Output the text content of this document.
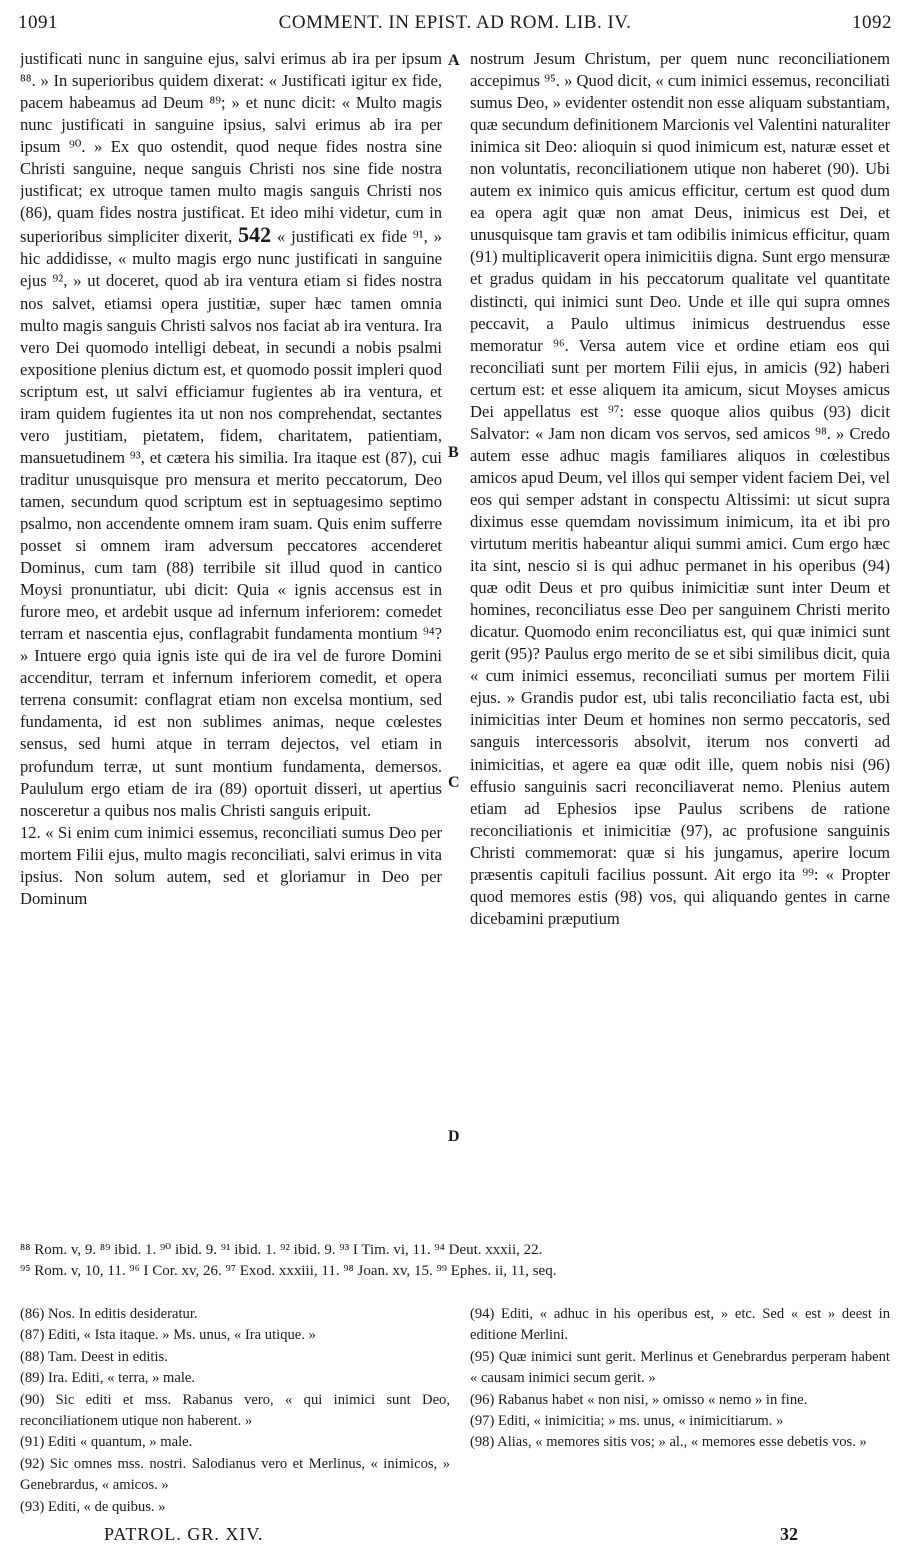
1091	COMMENT. IN EPIST. AD ROM. LIB. IV.	1092
justificati nunc in sanguine ejus, salvi erimus ab ira per ipsum ⁸⁸. » In superioribus quidem dixerat: « Justificati igitur ex fide, pacem habeamus ad Deum ⁸⁹; » et nunc dicit: « Multo magis nunc justificati in sanguine ipsius, salvi erimus ab ira per ipsum ⁹⁰. » Ex quo ostendit, quod neque fides nostra sine Christi sanguine, neque sanguis Christi nos sine fide nostra justificat; ex utroque tamen multo magis sanguis Christi nos (86), quam fides nostra justificat. Et ideo mihi videtur, cum in superioribus simpliciter dixerit, 542 « justificati ex fide ⁹¹, » hic addidisse, « multo magis ergo nunc justificati in sanguine ejus ⁹², » ut doceret, quod ab ira ventura etiam si fides nostra nos salvet, etiamsi opera justitiæ, super hæc tamen omnia multo magis sanguis Christi salvos nos faciat ab ira ventura. Ira vero Dei quomodo intelligi debeat, in secundi a nobis psalmi expositione plenius dictum est, et quomodo possit impleri quod scriptum est, ut salvi efficiamur fugientes ab ira ventura, et iram quidem fugientes ita ut non nos comprehendat, sectantes vero justitiam, pietatem, fidem, charitatem, patientiam, mansuetudinem ⁹³, et cætera his similia. Ira itaque est (87), cui traditur unusquisque pro mensura et merito peccatorum, Deo tamen, secundum quod scriptum est in septuagesimo septimo psalmo, non accendente omnem iram suam. Quis enim sufferre posset si omnem iram adversum peccatores accenderet Dominus, cum tam (88) terribile sit illud quod in cantico Moysi pronuntiatur, ubi dicit: Quia « ignis accensus est in furore meo, et ardebit usque ad infernum inferiorem: comedet terram et nascentia ejus, conflagrabit fundamenta montium ⁹⁴? » Intuere ergo quia ignis iste qui de ira vel de furore Domini accenditur, terram et infernum inferiorem comedit, et opera terrena consumit: conflagrat etiam non excelsa montium, sed fundamenta, id est non sublimes animas, neque cœlestes sensus, sed humi atque in terram dejectos, vel etiam in profundum terræ, ut sunt montium fundamenta, demersos. Paululum ergo etiam de ira (89) oportuit disseri, ut apertius nosceretur a quibus nos malis Christi sanguis eripuit.
12. « Si enim cum inimici essemus, reconciliati sumus Deo per mortem Filii ejus, multo magis reconciliati, salvi erimus in vita ipsius. Non solum autem, sed et gloriamur in Deo per Dominum
A
B
C
D
nostrum Jesum Christum, per quem nunc reconciliationem accepimus ⁹⁵. » Quod dicit, « cum inimici essemus, reconciliati sumus Deo, » evidenter ostendit non esse aliquam substantiam, quæ secundum definitionem Marcionis vel Valentini naturaliter inimica sit Deo: alioquin si quod inimicum est, naturæ esset et non voluntatis, reconciliationem utique non haberet (90). Ubi autem ex inimico quis amicus efficitur, certum est quod dum ea opera agit quæ non amat Deus, inimicus est Dei, et unusquisque tam gravis et tam odibilis inimicus efficitur, quam (91) multiplicaverit opera inimicitiis digna. Sunt ergo mensuræ et gradus quidam in his peccatorum qualitate vel quantitate distincti, qui inimici sunt Deo. Unde et ille qui supra omnes peccavit, a Paulo ultimus inimicus destruendus esse memoratur ⁹⁶. Versa autem vice et ordine etiam eos qui reconciliati sunt per mortem Filii ejus, in amicis (92) haberi certum est: et esse aliquem ita amicum, sicut Moyses amicus Dei appellatus est ⁹⁷: esse quoque alios quibus (93) dicit Salvator: « Jam non dicam vos servos, sed amicos ⁹⁸. » Credo autem esse adhuc magis familiares aliquos in cœlestibus amicos apud Deum, vel illos qui semper vident faciem Dei, vel eos qui semper adstant in conspectu Altissimi: ut sicut supra diximus esse quemdam novissimum inimicum, ita et ibi pro virtutum meritis habeantur aliqui summi amici. Cum ergo hæc ita sint, nescio si is qui adhuc permanet in his operibus (94) quæ odit Deus et pro quibus inimicitiæ sunt inter Deum et homines, reconciliatus esse Deo per sanguinem Christi merito dicatur. Quomodo enim reconciliatus est, qui quæ inimici sunt gerit (95)? Paulus ergo merito de se et sibi similibus dicit, quia « cum inimici essemus, reconciliati sumus per mortem Filii ejus. » Grandis pudor est, ubi talis reconciliatio facta est, ubi inimicitias inter Deum et homines non sermo peccatoris, sed sanguis intercessoris absolvit, iterum nos converti ad inimicitias, et agere ea quæ odit ille, quem nobis nisi (96) effusio sanguinis sacri reconciliaverat nemo. Plenius autem etiam ad Ephesios ipse Paulus scribens de ratione reconciliationis et inimicitiæ (97), ac profusione sanguinis Christi commemorat: quæ si his jungamus, aperire locum præsentis capituli facilius possunt. Ait ergo ita ⁹⁹: « Propter quod memores estis (98) vos, qui aliquando gentes in carne dicebamini præputium
⁸⁸ Rom. v, 9. ⁸⁹ ibid. 1. ⁹⁰ ibid. 9. ⁹¹ ibid. 1. ⁹² ibid. 9. ⁹³ I Tim. vi, 11. ⁹⁴ Deut. xxxii, 22.
⁹⁵ Rom. v, 10, 11. ⁹⁶ I Cor. xv, 26. ⁹⁷ Exod. xxxiii, 11. ⁹⁸ Joan. xv, 15. ⁹⁹ Ephes. ii, 11, seq.

(86) Nos. In editis desideratur.

(87) Editi, « Ista itaque. » Ms. unus, « Ira utique. »

(88) Tam. Deest in editis.

(89) Ira. Editi, « terra, » male.

(90) Sic editi et mss. Rabanus vero, « qui inimici sunt Deo, reconciliationem utique non haberent. »

(91) Editi « quantum, » male.

(92) Sic omnes mss. nostri. Salodianus vero et Merlinus, « inimicos, » Genebrardus, « amicos. »

(93) Editi, « de quibus. »

(94) Editi, « adhuc in his operibus est, » etc. Sed « est » deest in editione Merlini.

(95) Quæ inimici sunt gerit. Merlinus et Genebrardus perperam habent « causam inimici secum gerit. »

(96) Rabanus habet « non nisi, » omisso « nemo » in fine.

(97) Editi, « inimicitia; » ms. unus, « inimicitiarum. »

(98) Alias, « memores sitis vos; » al., « memores esse debetis vos. »

PATROL. GR. XIV.	32
